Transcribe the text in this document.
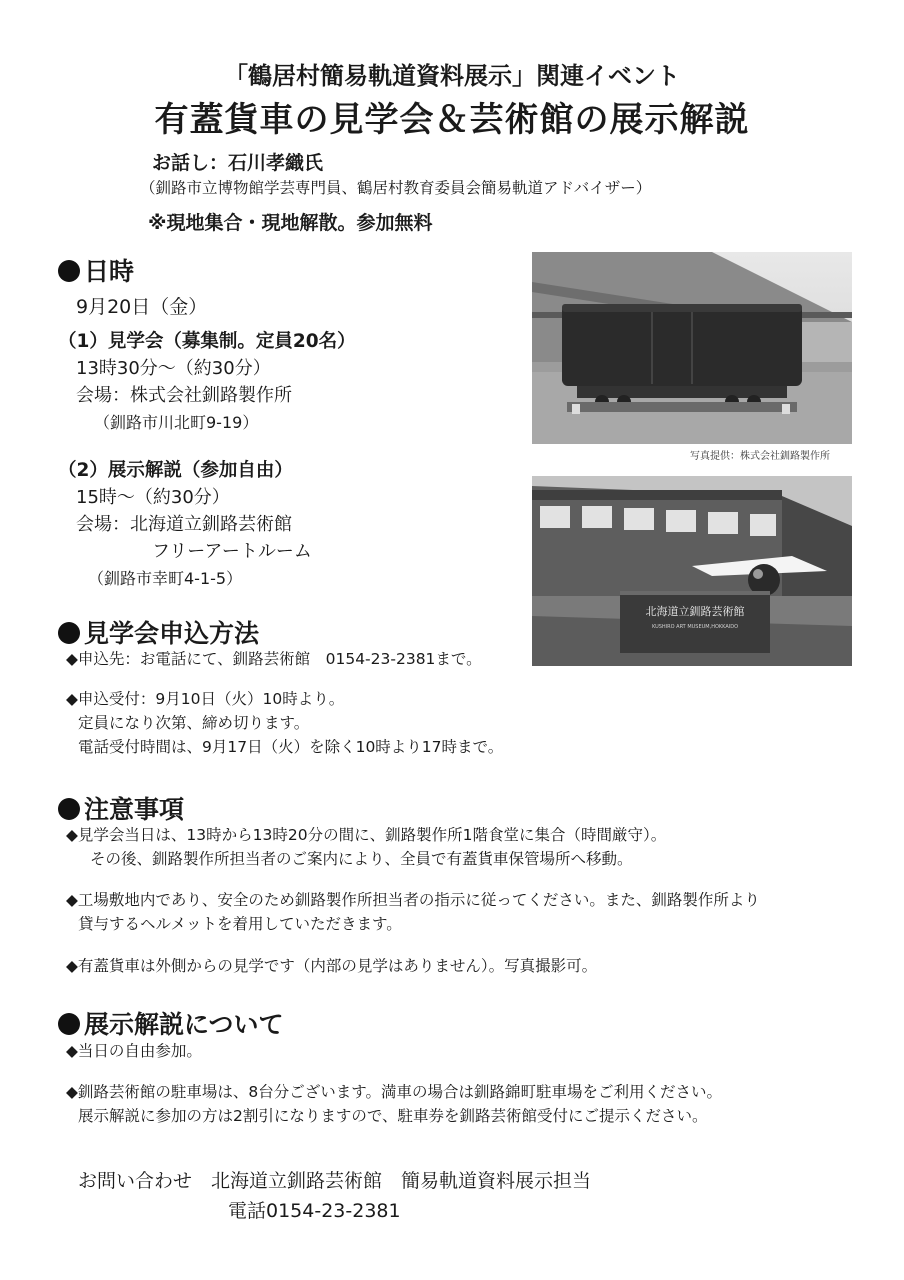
「鶴居村簡易軌道資料展示」関連イベント
有蓋貨車の見学会＆芸術館の展示解説
お話し：石川孝織氏
（釧路市立博物館学芸専門員、鶴居村教育委員会簡易軌道アドバイザー）
※現地集合・現地解散。参加無料
日時
9月20日（金）
（1）見学会（募集制。定員20名）
13時30分～（約30分）
会場：株式会社釧路製作所
（釧路市川北町9-19）
（2）展示解説（参加自由）
15時～（約30分）
会場：北海道立釧路芸術館
フリーアートルーム
（釧路市幸町4-1-5）
写真提供：株式会社釧路製作所
北海道立釧路芸術館
KUSHIRO ART MUSEUM,HOKKAIDO
見学会申込方法
◆申込先：お電話にて、釧路芸術館　0154-23-2381まで。
◆申込受付：9月10日（火）10時より。
定員になり次第、締め切ります。
電話受付時間は、9月17日（火）を除く10時より17時まで。
注意事項
◆見学会当日は、13時から13時20分の間に、釧路製作所1階食堂に集合（時間厳守）。
その後、釧路製作所担当者のご案内により、全員で有蓋貨車保管場所へ移動。
◆工場敷地内であり、安全のため釧路製作所担当者の指示に従ってください。また、釧路製作所より
貸与するヘルメットを着用していただきます。
◆有蓋貨車は外側からの見学です（内部の見学はありません）。写真撮影可。
展示解説について
◆当日の自由参加。
◆釧路芸術館の駐車場は、8台分ございます。満車の場合は釧路錦町駐車場をご利用ください。
展示解説に参加の方は2割引になりますので、駐車券を釧路芸術館受付にご提示ください。
お問い合わせ　北海道立釧路芸術館　簡易軌道資料展示担当
電話0154-23-2381
